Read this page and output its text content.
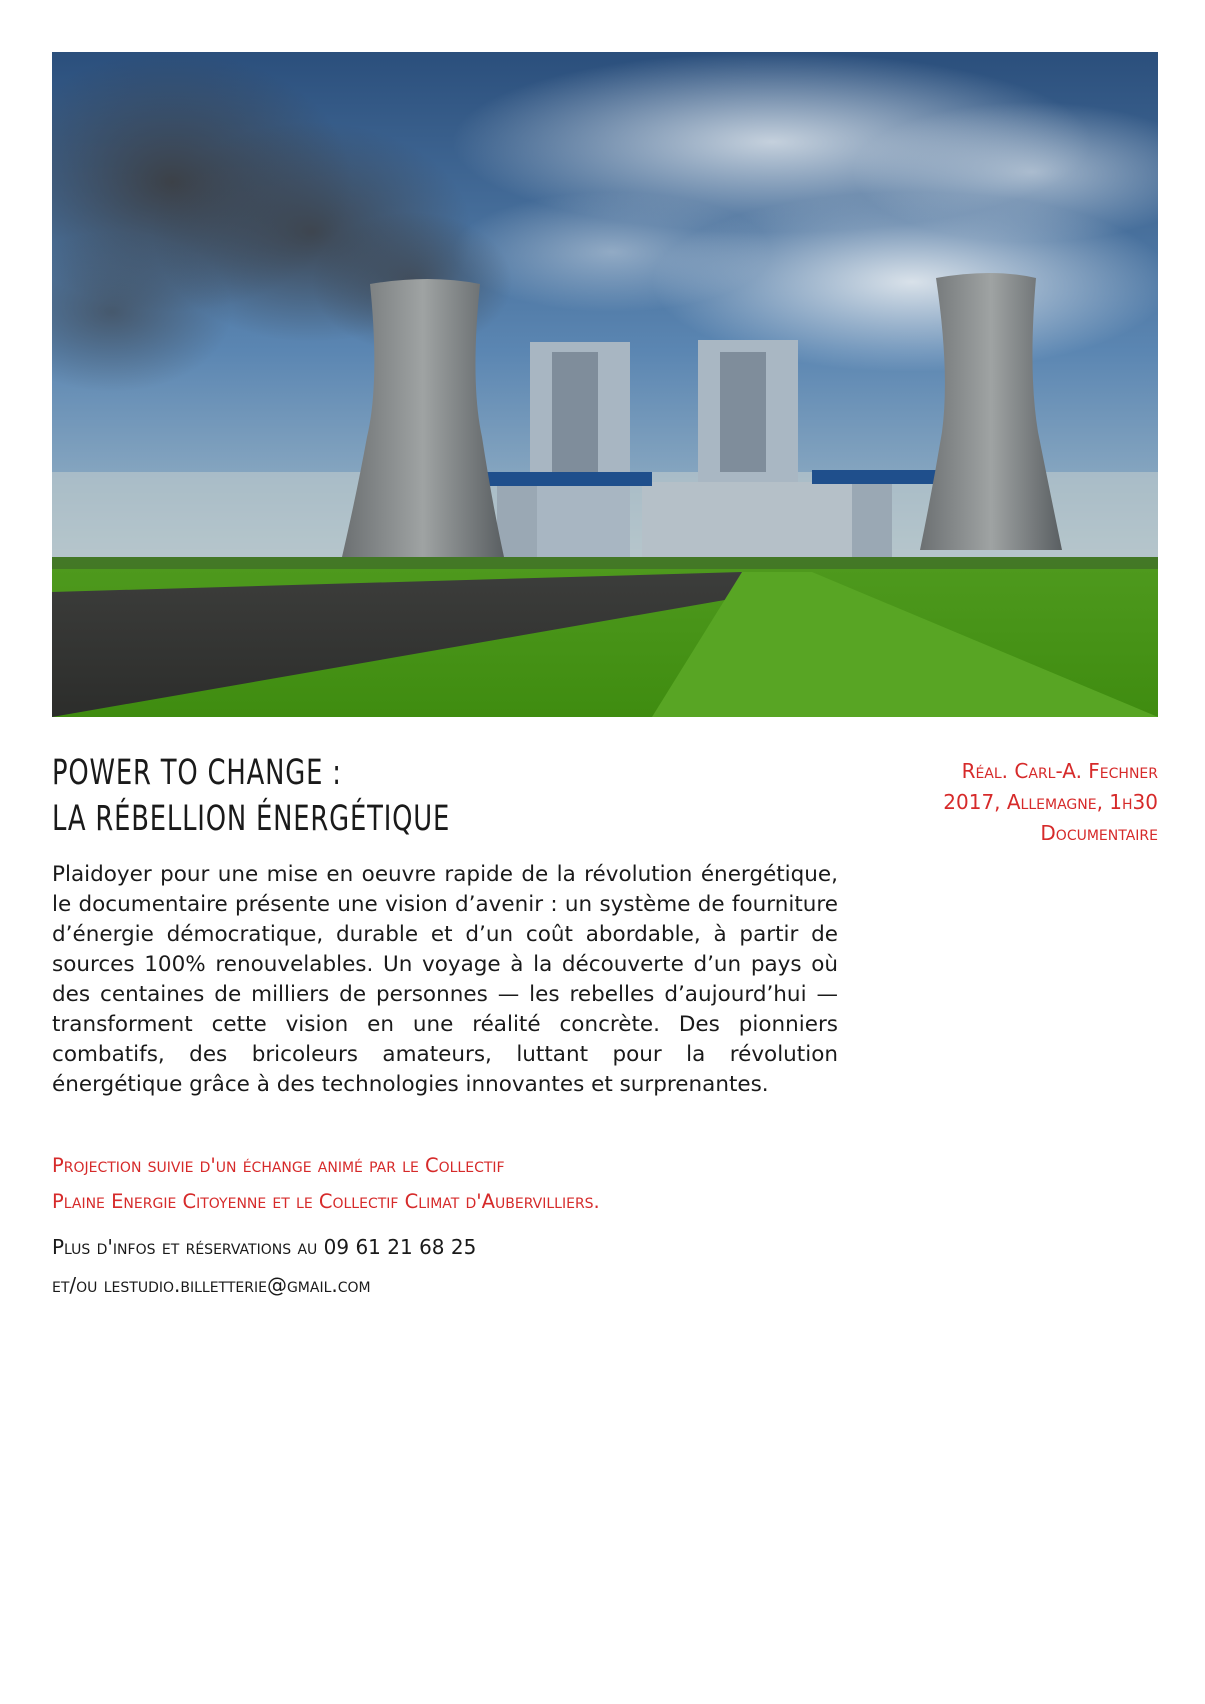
POWER TO CHANGE :
LA RÉBELLION ÉNERGÉTIQUE
Réal. Carl-A. Fechner
2017, Allemagne, 1h30
Documentaire

Plaidoyer pour une mise en oeuvre rapide de la révolution énergétique, le documentaire présente une vision d’avenir : un système de fourniture d’énergie démocratique, durable et d’un coût abordable, à partir de sources 100% renouvelables. Un voyage à la découverte d’un pays où des centaines de milliers de personnes — les rebelles d’aujourd’hui — transforment cette vision en une réalité concrète. Des pionniers combatifs, des bricoleurs amateurs, luttant pour la révolution énergétique grâce à des technologies innovantes et surprenantes.

Projection suivie d'un échange animé par le Collectif
Plaine Energie Citoyenne et le Collectif Climat d'Aubervilliers.
Plus d'infos et réservations au 09 61 21 68 25
et/ou lestudio.billetterie@gmail.com
